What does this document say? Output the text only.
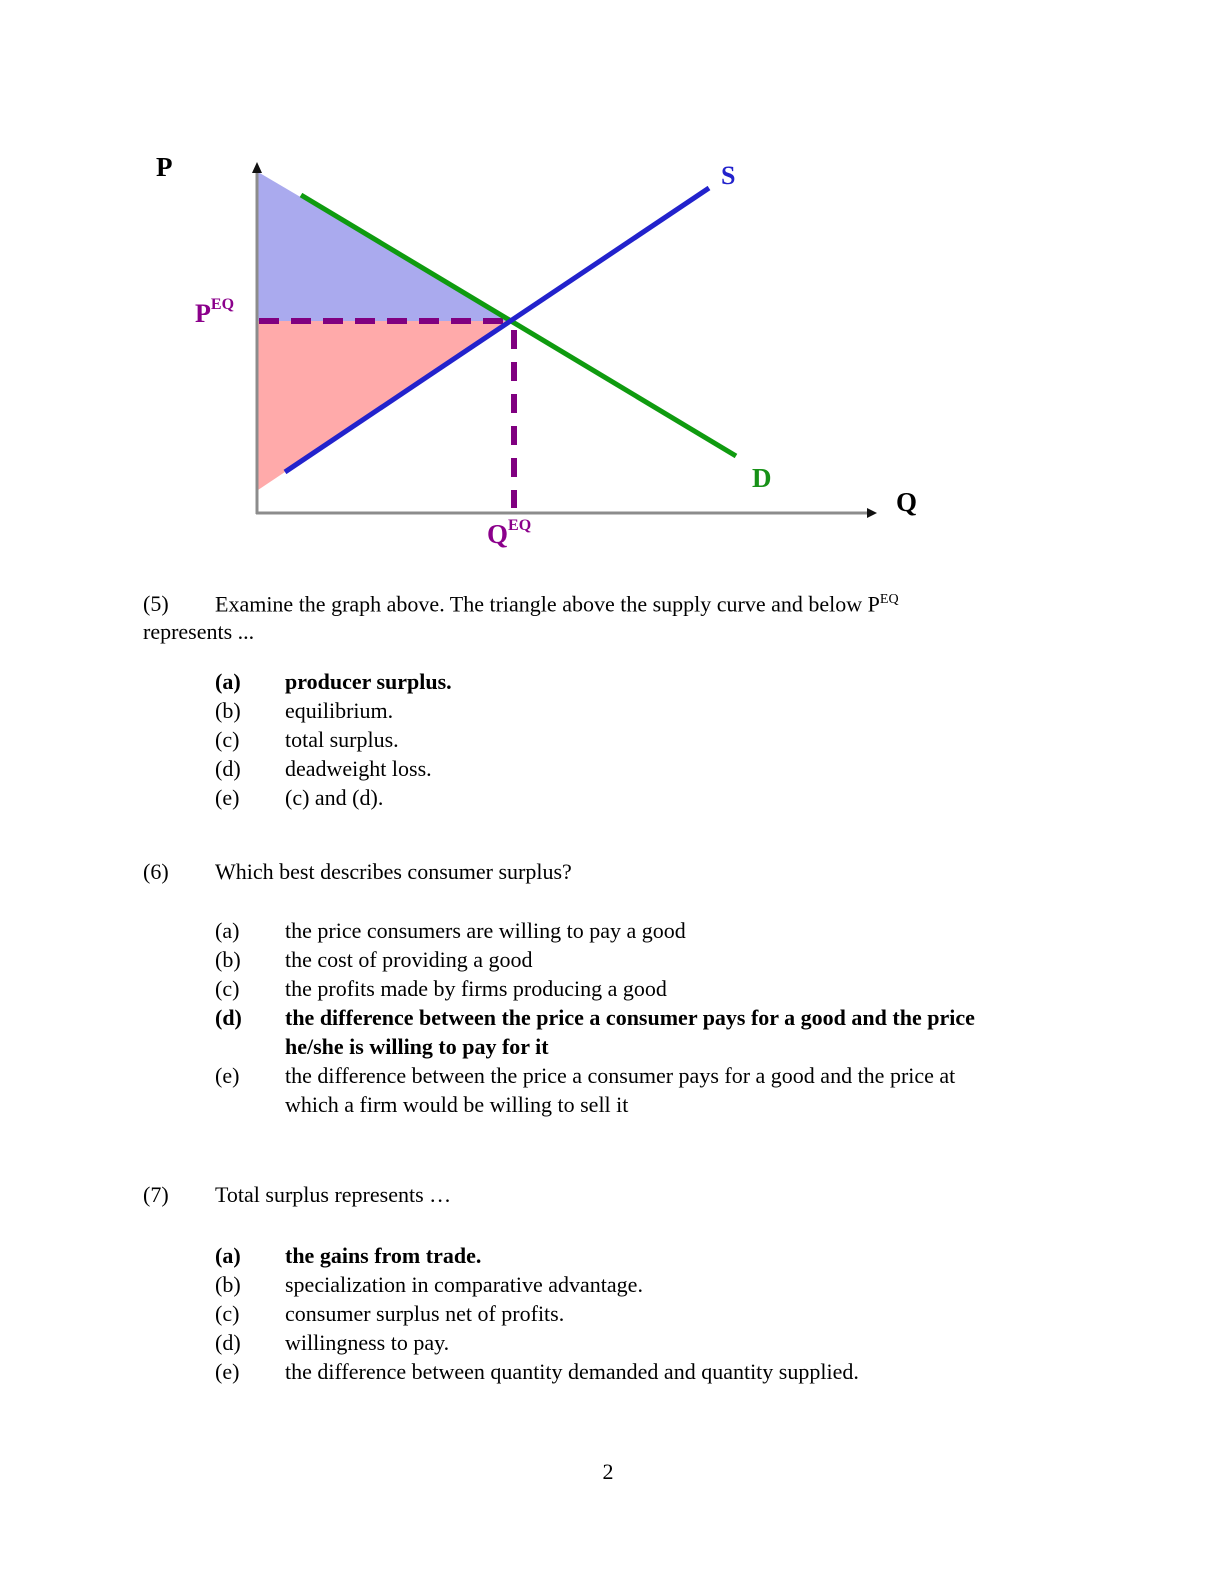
P
Q
S
D
$P^{EQ}$
$Q^{EQ}$
(5) Examine the graph above. The triangle above the supply curve and below $P^{EQ}$
represents ...
(a)	producer surplus.
(b)	equilibrium.
(c)	total surplus.
(d)	deadweight loss.
(e)	(c) and (d).
(6) Which best describes consumer surplus?
(a)	the price consumers are willing to pay a good
(b)	the cost of providing a good
(c)	the profits made by firms producing a good
(d)	the difference between the price a consumer pays for a good and the price
he/she is willing to pay for it
(e)	the difference between the price a consumer pays for a good and the price at
which a firm would be willing to sell it
(7) Total surplus represents …
(a)	the gains from trade.
(b)	specialization in comparative advantage.
(c)	consumer surplus net of profits.
(d)	willingness to pay.
(e)	the difference between quantity demanded and quantity supplied.
2
